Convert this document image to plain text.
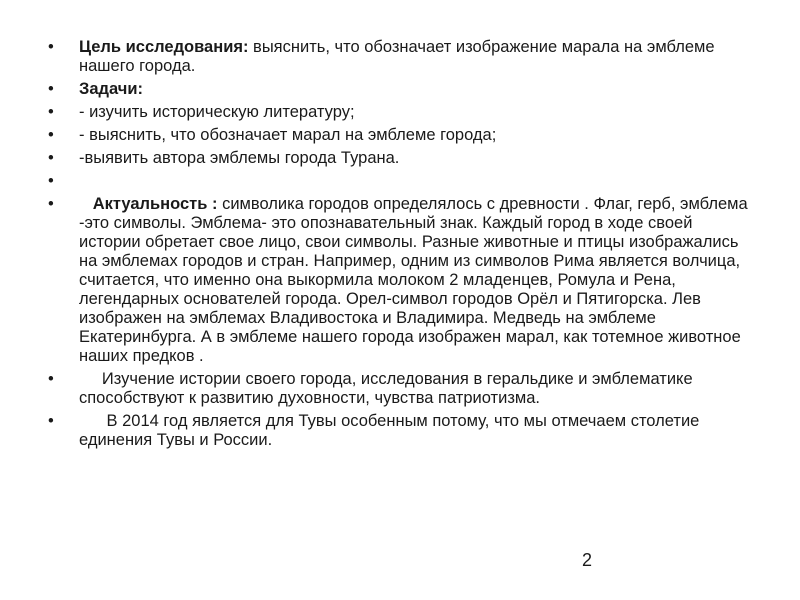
•	Цель исследования: выяснить, что обозначает изображение марала на эмблеме нашего города.
•	Задачи:
•	- изучить историческую литературу;
•	- выяснить, что обозначает марал на эмблеме города;
•	-выявить автора эмблемы города Турана.
•
•	Актуальность : символика городов определялось с древности . Флаг, герб, эмблема -это символы. Эмблема- это опознавательный знак. Каждый город в ходе своей истории обретает свое лицо, свои символы. Разные животные и птицы изображались на эмблемах городов и стран. Например, одним из символов Рима является волчица, считается, что именно она выкормила молоком 2 младенцев, Ромула и Рена, легендарных основателей города. Орел-символ городов Орёл и Пятигорска. Лев изображен на эмблемах Владивостока и Владимира. Медведь на эмблеме Екатеринбурга. А в эмблеме нашего города изображен марал, как тотемное животное наших предков .
•	Изучение истории своего города, исследования в геральдике и эмблематике способствуют к развитию духовности, чувства патриотизма.
•	В 2014 год является для Тувы особенным потому, что мы отмечаем столетие единения Тувы и России.
2
